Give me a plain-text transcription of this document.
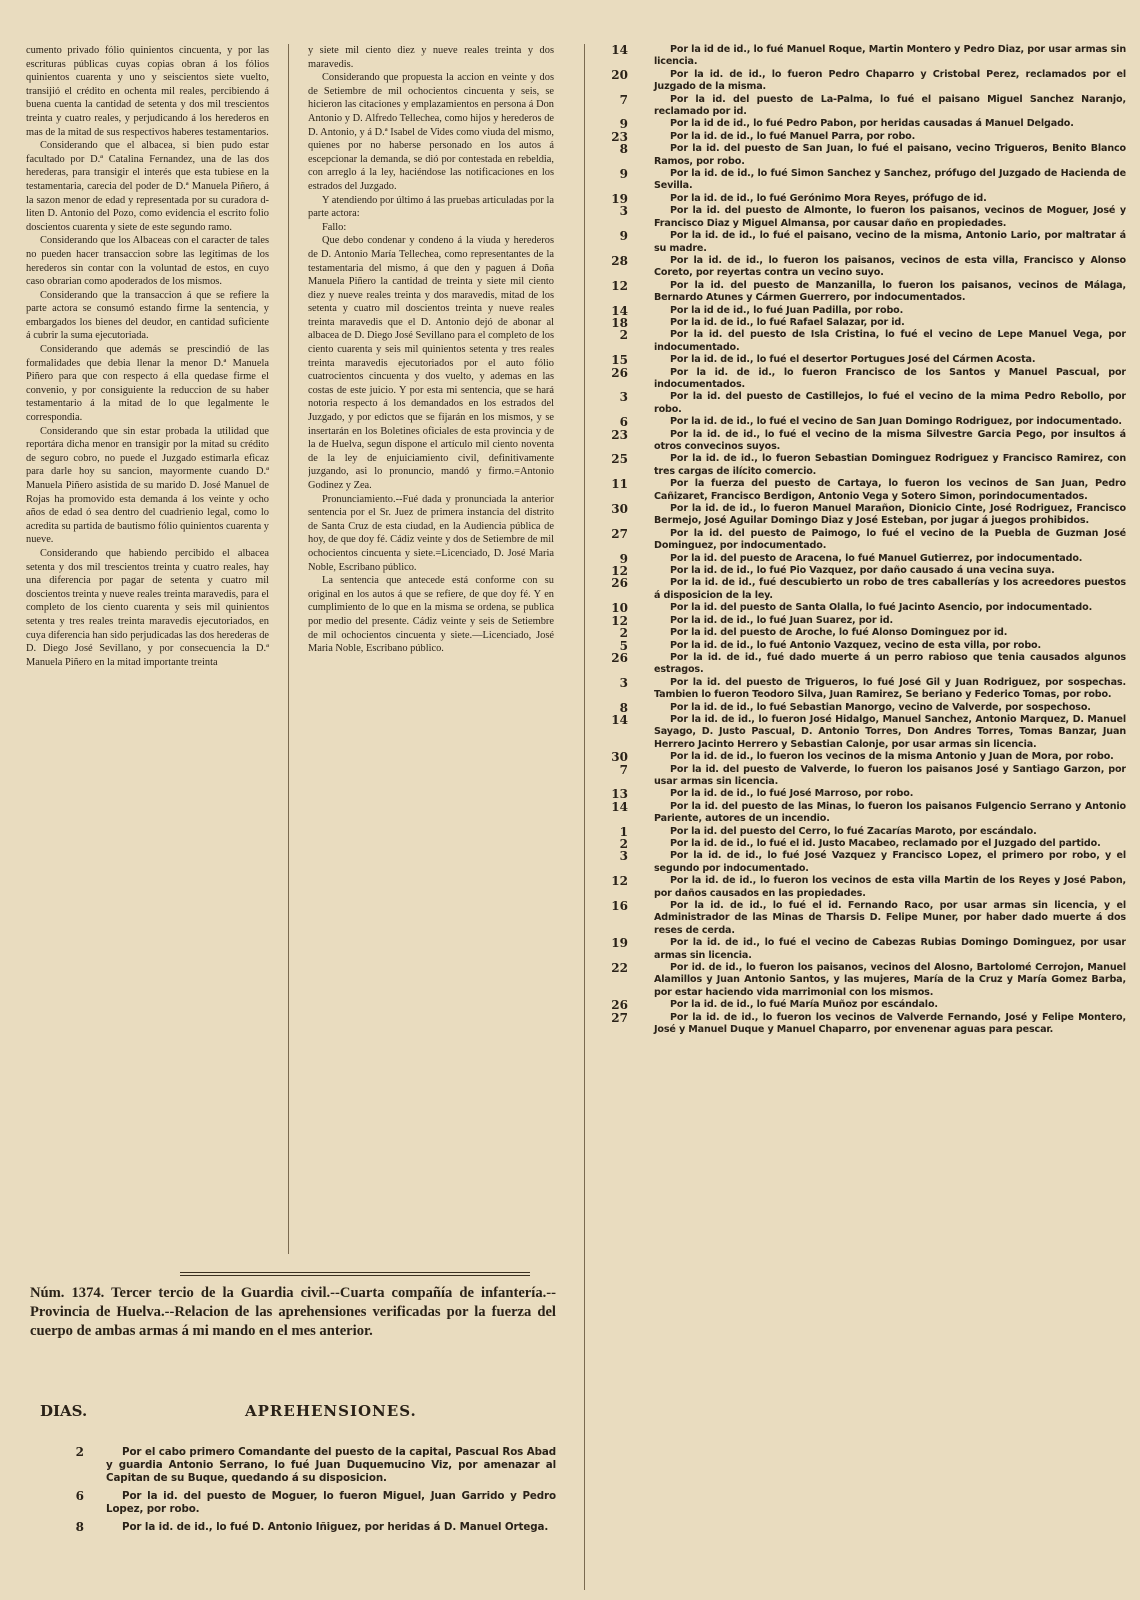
cumento privado fólio quinientos cincuenta, y por las escrituras públicas cuyas copias obran á los fólios quinientos cuarenta y uno y seiscientos siete vuelto, transijió el crédito en ochenta mil reales, percibiendo á buena cuenta la cantidad de setenta y dos mil trescientos treinta y cuatro reales, y perjudicando á los herederos en mas de la mitad de sus respectivos haberes testamentarios.

Considerando que el albacea, si bien pudo estar facultado por D.ª Catalina Fernandez, una de las dos herederas, para transigir el interés que esta tubiese en la testamentaria, carecia del poder de D.ª Manuela Piñero, á la sazon menor de edad y representada por su curadora d-liten D. Antonio del Pozo, como evidencia el escrito folio doscientos cuarenta y siete de este segundo ramo.

Considerando que los Albaceas con el caracter de tales no pueden hacer transaccion sobre las legítimas de los herederos sin contar con la voluntad de estos, en cuyo caso obrarian como apoderados de los mismos.

Considerando que la transaccion á que se refiere la parte actora se consumó estando firme la sentencia, y embargados los bienes del deudor, en cantidad suficiente á cubrir la suma ejecutoriada.

Considerando que además se prescindió de las formalidades que debia llenar la menor D.ª Manuela Piñero para que con respecto á ella quedase firme el convenio, y por consiguiente la reduccion de su haber testamentario á la mitad de lo que legalmente le correspondia.

Considerando que sin estar probada la utilidad que reportára dicha menor en transigir por la mitad su crédito de seguro cobro, no puede el Juzgado estimarla eficaz para darle hoy su sancion, mayormente cuando D.ª Manuela Piñero asistida de su marido D. José Manuel de Rojas ha promovido esta demanda á los veinte y ocho años de edad ó sea dentro del cuadrienio legal, como lo acredita su partida de bautismo fólio quinientos cuarenta y nueve.

Considerando que habiendo percibido el albacea setenta y dos mil trescientos treinta y cuatro reales, hay una diferencia por pagar de setenta y cuatro mil doscientos treinta y nueve reales treinta maravedis, para el completo de los ciento cuarenta y seis mil quinientos setenta y tres reales treinta maravedis ejecutoriados, en cuya diferencia han sido perjudicadas las dos herederas de D. Diego José Sevillano, y por consecuencia la D.ª Manuela Piñero en la mitad importante treinta

y siete mil ciento diez y nueve reales treinta y dos maravedis.

Considerando que propuesta la accion en veinte y dos de Setiembre de mil ochocientos cincuenta y seis, se hicieron las citaciones y emplazamientos en persona á Don Antonio y D. Alfredo Tellechea, como hijos y herederos de D. Antonio, y á D.ª Isabel de Vides como viuda del mismo, quienes por no haberse personado en los autos á escepcionar la demanda, se dió por contestada en rebeldia, con arreglo á la ley, haciéndose las notificaciones en los estrados del Juzgado.

Y atendiendo por último á las pruebas articuladas por la parte actora:

Fallo:

Que debo condenar y condeno á la viuda y herederos de D. Antonio María Tellechea, como representantes de la testamentaria del mismo, á que den y paguen á Doña Manuela Piñero la cantidad de treinta y siete mil ciento diez y nueve reales treinta y dos maravedis, mitad de los setenta y cuatro mil doscientos treinta y nueve reales treinta maravedis que el D. Antonio dejó de abonar al albacea de D. Diego José Sevillano para el completo de los ciento cuarenta y seis mil quinientos setenta y tres reales treinta maravedis ejecutoriados por el auto fólio cuatrocientos cincuenta y dos vuelto, y ademas en las costas de este juicio. Y por esta mi sentencia, que se hará notoria respecto á los demandados en los estrados del Juzgado, y por edictos que se fijarán en los mismos, y se insertarán en los Boletines oficiales de esta provincia y de la de Huelva, segun dispone el artículo mil ciento noventa de la ley de enjuiciamiento civil, definitivamente juzgando, asi lo pronuncio, mandó y firmo.=Antonio Godinez y Zea.

Pronunciamiento.--Fué dada y pronunciada la anterior sentencia por el Sr. Juez de primera instancia del distrito de Santa Cruz de esta ciudad, en la Audiencia pública de hoy, de que doy fé. Cádiz veinte y dos de Setiembre de mil ochocientos cincuenta y siete.=Licenciado, D. José Maria Noble, Escribano público.

La sentencia que antecede está conforme con su original en los autos á que se refiere, de que doy fé. Y en cumplimiento de lo que en la misma se ordena, se publica por medio del presente. Cádiz veinte y seis de Setiembre de mil ochocientos cincuenta y siete.—Licenciado, José Maria Noble, Escribano público.

Núm. 1374. Tercer tercio de la Guardia civil.--Cuarta compañía de infantería.--Provincia de Huelva.--Relacion de las aprehensiones verificadas por la fuerza del cuerpo de ambas armas á mi mando en el mes anterior.
DIAS.	APREHENSIONES.
2	Por el cabo primero Comandante del puesto de la capital, Pascual Ros Abad y guardia Antonio Serrano, lo fué Juan Duquemucino Viz, por amenazar al Capitan de su Buque, quedando á su disposicion.
6	Por la id. del puesto de Moguer, lo fueron Miguel, Juan Garrido y Pedro Lopez, por robo.
8	Por la id. de id., lo fué D. Antonio Iñiguez, por heridas á D. Manuel Ortega.
14	Por la id de id., lo fué Manuel Roque, Martin Montero y Pedro Diaz, por usar armas sin licencia.
20	Por la id. de id., lo fueron Pedro Chaparro y Cristobal Perez, reclamados por el Juzgado de la misma.
7	Por la id. del puesto de La-Palma, lo fué el paisano Miguel Sanchez Naranjo, reclamado por id.
9	Por la id de id., lo fué Pedro Pabon, por heridas causadas á Manuel Delgado.
23	Por la id. de id., lo fué Manuel Parra, por robo.
8	Por la id. del puesto de San Juan, lo fué el paisano, vecino Trigueros, Benito Blanco Ramos, por robo.
9	Por la id. de id., lo fué Simon Sanchez y Sanchez, prófugo del Juzgado de Hacienda de Sevilla.
19	Por la id. de id., lo fué Gerónimo Mora Reyes, prófugo de id.
3	Por la id. del puesto de Almonte, lo fueron los paisanos, vecinos de Moguer, José y Francisco Diaz y Miguel Almansa, por causar daño en propiedades.
9	Por la id. de id., lo fué el paisano, vecino de la misma, Antonio Lario, por maltratar á su madre.
28	Por la id. de id., lo fueron los paisanos, vecinos de esta villa, Francisco y Alonso Coreto, por reyertas contra un vecino suyo.
12	Por la id. del puesto de Manzanilla, lo fueron los paisanos, vecinos de Málaga, Bernardo Atunes y Cármen Guerrero, por indocumentados.
14	Por la id de id., lo fué Juan Padilla, por robo.
18	Por la id. de id., lo fué Rafael Salazar, por id.
2	Por la id. del puesto de Isla Cristina, lo fué el vecino de Lepe Manuel Vega, por indocumentado.
15	Por la id. de id., lo fué el desertor Portugues José del Cármen Acosta.
26	Por la id. de id., lo fueron Francisco de los Santos y Manuel Pascual, por indocumentados.
3	Por la id. del puesto de Castillejos, lo fué el vecino de la mima Pedro Rebollo, por robo.
6	Por la id. de id., lo fué el vecino de San Juan Domingo Rodriguez, por indocumentado.
23	Por la id. de id., lo fué el vecino de la misma Silvestre Garcia Pego, por insultos á otros convecinos suyos.
25	Por la id. de id., lo fueron Sebastian Dominguez Rodriguez y Francisco Ramirez, con tres cargas de ilícito comercio.
11	Por la fuerza del puesto de Cartaya, lo fueron los vecinos de San Juan, Pedro Cañizaret, Francisco Berdigon, Antonio Vega y Sotero Simon, porindocumentados.
30	Por la id. de id., lo fueron Manuel Marañon, Dionicio Cinte, José Rodriguez, Francisco Bermejo, José Aguilar Domingo Diaz y José Esteban, por jugar á juegos prohibidos.
27	Por la id. del puesto de Paimogo, lo fué el vecino de la Puebla de Guzman José Dominguez, por indocumentado.
9	Por la id. del puesto de Aracena, lo fué Manuel Gutierrez, por indocumentado.
12	Por la id. de id., lo fué Pio Vazquez, por daño causado á una vecina suya.
26	Por la id. de id., fué descubierto un robo de tres caballerías y los acreedores puestos á disposicion de la ley.
10	Por la id. del puesto de Santa Olalla, lo fué Jacinto Asencio, por indocumentado.
12	Por la id. de id., lo fué Juan Suarez, por id.
2	Por la id. del puesto de Aroche, lo fué Alonso Dominguez por id.
5	Por la id. de id., lo fué Antonio Vazquez, vecino de esta villa, por robo.
26	Por la id. de id., fué dado muerte á un perro rabioso que tenia causados algunos estragos.
3	Por la id. del puesto de Trigueros, lo fué José Gil y Juan Rodriguez, por sospechas. Tambien lo fueron Teodoro Silva, Juan Ramirez, Se beriano y Federico Tomas, por robo.
8	Por la id. de id., lo fué Sebastian Manorgo, vecino de Valverde, por sospechoso.
14	Por la id. de id., lo fueron José Hidalgo, Manuel Sanchez, Antonio Marquez, D. Manuel Sayago, D. Justo Pascual, D. Antonio Torres, Don Andres Torres, Tomas Banzar, Juan Herrero Jacinto Herrero y Sebastian Calonje, por usar armas sin licencia.
30	Por la id. de id., lo fueron los vecinos de la misma Antonio y Juan de Mora, por robo.
7	Por la id. del puesto de Valverde, lo fueron los paisanos José y Santiago Garzon, por usar armas sin licencia.
13	Por la id. de id., lo fué José Marroso, por robo.
14	Por la id. del puesto de las Minas, lo fueron los paisanos Fulgencio Serrano y Antonio Pariente, autores de un incendio.
1	Por la id. del puesto del Cerro, lo fué Zacarías Maroto, por escándalo.
2	Por la id. de id., lo fué el id. Justo Macabeo, reclamado por el Juzgado del partido.
3	Por la id. de id., lo fué José Vazquez y Francisco Lopez, el primero por robo, y el segundo por indocumentado.
12	Por la id. de id., lo fueron los vecinos de esta villa Martin de los Reyes y José Pabon, por daños causados en las propiedades.
16	Por la id. de id., lo fué el id. Fernando Raco, por usar armas sin licencia, y el Administrador de las Minas de Tharsis D. Felipe Muner, por haber dado muerte á dos reses de cerda.
19	Por la id. de id., lo fué el vecino de Cabezas Rubias Domingo Dominguez, por usar armas sin licencia.
22	Por id. de id., lo fueron los paisanos, vecinos del Alosno, Bartolomé Cerrojon, Manuel Alamillos y Juan Antonio Santos, y las mujeres, María de la Cruz y María Gomez Barba, por estar haciendo vida marrimonial con los mismos.
26	Por la id. de id., lo fué María Muñoz por escándalo.
27	Por la id. de id., lo fueron los vecinos de Valverde Fernando, José y Felipe Montero, José y Manuel Duque y Manuel Chaparro, por envenenar aguas para pescar.
